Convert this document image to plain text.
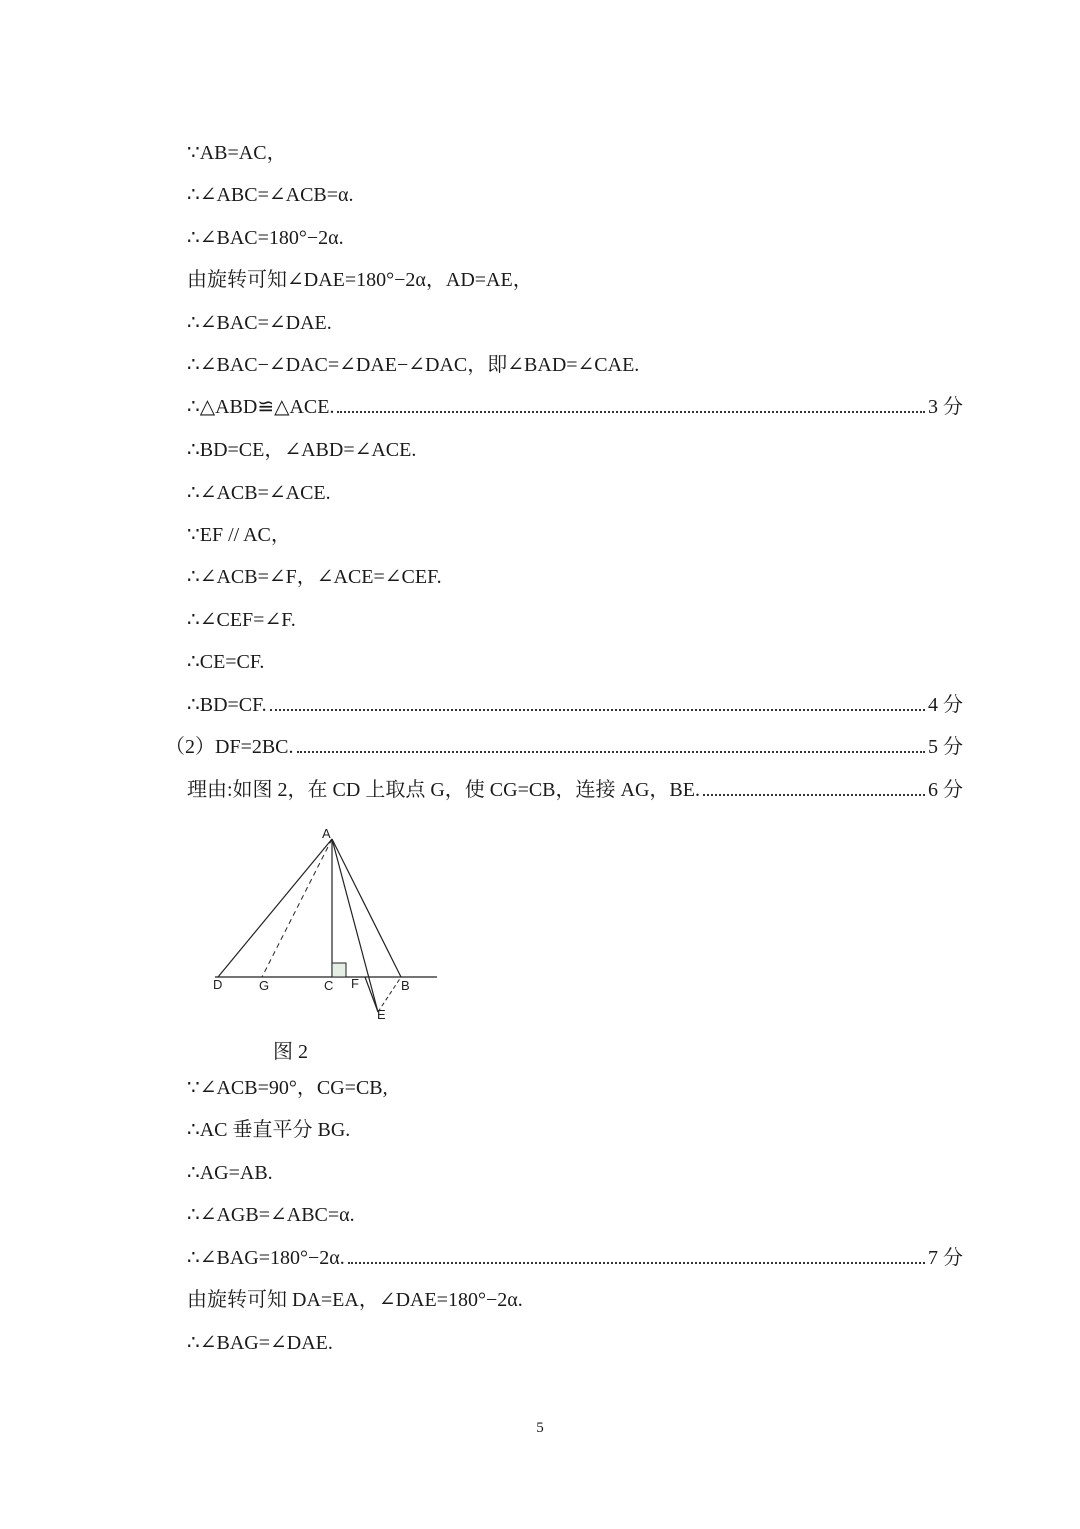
∵AB=AC，
∴∠ABC=∠ACB=α.
∴∠BAC=180°−2α.
由旋转可知∠DAE=180°−2α，AD=AE，
∴∠BAC=∠DAE.
∴∠BAC−∠DAC=∠DAE−∠DAC，即∠BAD=∠CAE.
∴△ABD≌△ACE.	3 分
∴BD=CE，∠ABD=∠ACE.
∴∠ACB=∠ACE.
∵EF // AC，
∴∠ACB=∠F，∠ACE=∠CEF.
∴∠CEF=∠F.
∴CE=CF.
∴BD=CF.	4 分
（2）DF=2BC.	5 分
理由:如图 2，在 CD 上取点 G，使 CG=CB，连接 AG，BE.	6 分
A
D	G	C F	B
E
图 2
∵∠ACB=90°，CG=CB,
∴AC 垂直平分 BG.
∴AG=AB.
∴∠AGB=∠ABC=α.
∴∠BAG=180°−2α.	7 分
由旋转可知 DA=EA，∠DAE=180°−2α.
∴∠BAG=∠DAE.
5
